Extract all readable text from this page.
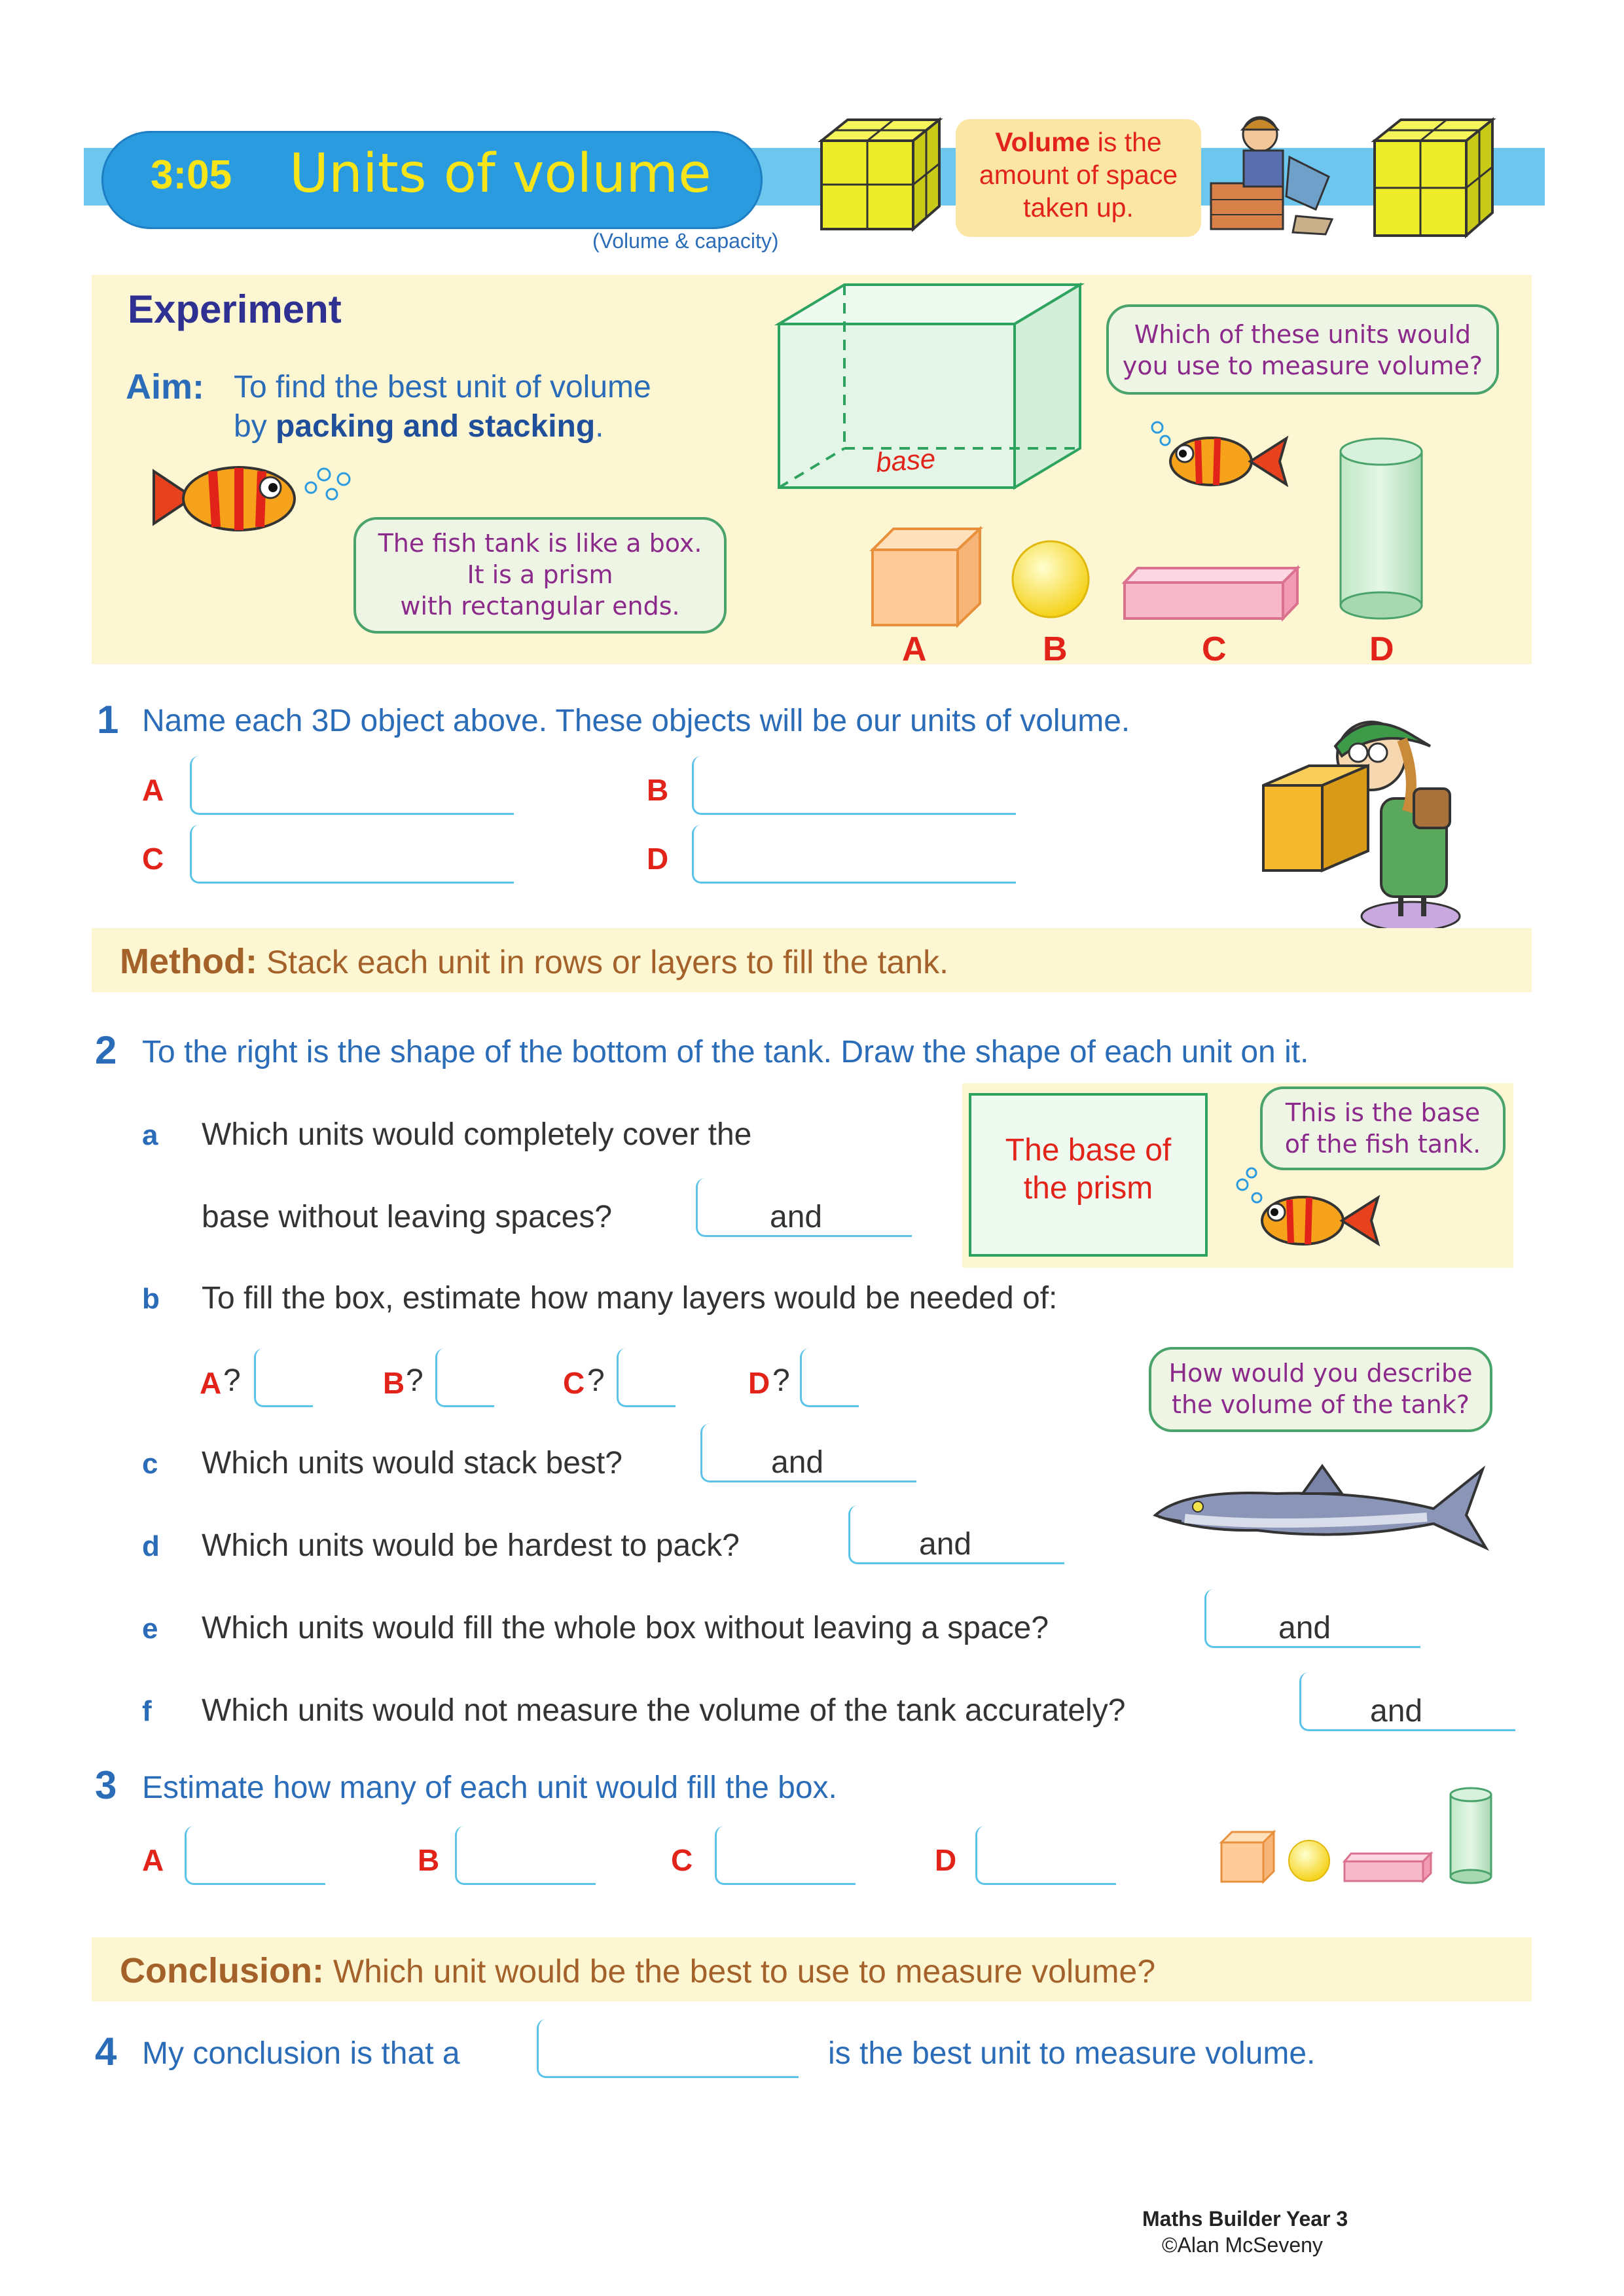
3:05 Units of volume
(Volume & capacity)
Volume is the
amount of space
taken up.
Experiment
Aim: To find the best unit of volume
by packing and stacking.
The fish tank is like a box.
It is a prism
with rectangular ends.
base
Which of these units would
you use to measure volume?
A	B	C	D
1 Name each 3D object above. These objects will be our units of volume.
A	B
C	D
Method: Stack each unit in rows or layers to fill the tank.
2 To the right is the shape of the bottom of the tank. Draw the shape of each unit on it.
The base of
the prism
This is the base
of the fish tank.
a Which units would completely cover the
base without leaving spaces?	and
b To fill the box, estimate how many layers would be needed of:
A ?	B ?	C ?	D ?	How would you describe
the volume of the tank?
c Which units would stack best?	and
d Which units would be hardest to pack?	and
e Which units would fill the whole box without leaving a space?	and
f Which units would not measure the volume of the tank accurately?	and
3 Estimate how many of each unit would fill the box.
A	B	C	D
Conclusion: Which unit would be the best to use to measure volume?
4 My conclusion is that a	is the best unit to measure volume.
Maths Builder Year 3
©Alan McSeveny
